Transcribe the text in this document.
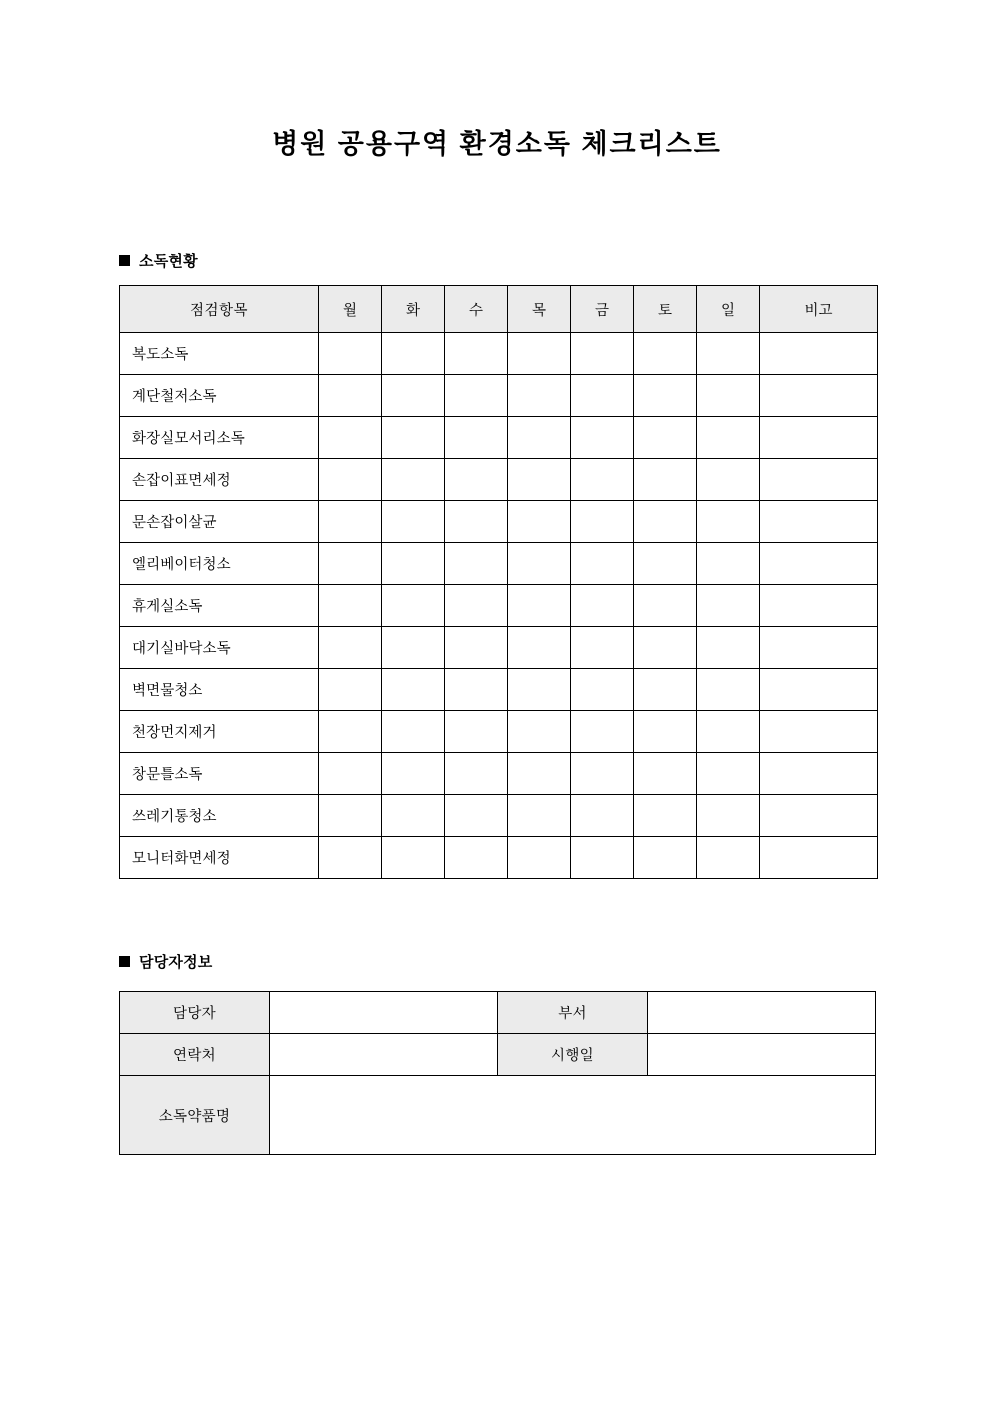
병원 공용구역 환경소독 체크리스트
소독현황
점검항목	월	화	수	목	금	토	일	비고
복도소독								
계단철저소독								
화장실모서리소독								
손잡이표면세정								
문손잡이살균								
엘리베이터청소								
휴게실소독								
대기실바닥소독								
벽면물청소								
천장먼지제거								
창문틀소독								
쓰레기통청소								
모니터화면세정								
담당자정보
담당자		부서	
연락처		시행일	
소독약품명			
